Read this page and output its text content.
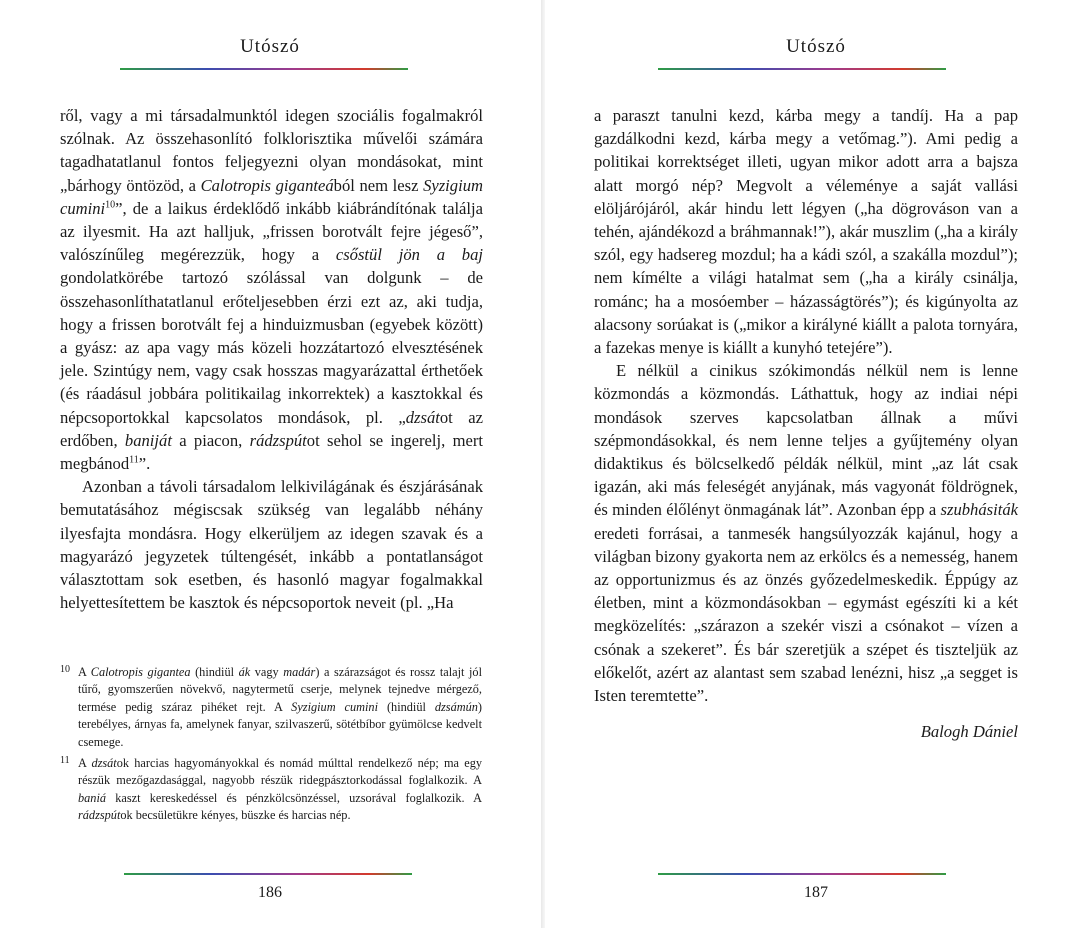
Utószó

ről, vagy a mi társadalmunktól idegen szociális fogalmakról szólnak. Az összehasonlító folklorisztika művelői számára tagadhatatlanul fontos feljegyezni olyan mondásokat, mint „bárhogy öntözöd, a Calotropis giganteából nem lesz Syzigium cumini$^{10}$”, de a laikus érdeklődő inkább kiábrándítónak találja az ilyesmit. Ha azt halljuk, „frissen borotvált fejre jégeső”, valószínűleg megérezzük, hogy a csőstül jön a baj gondolatkörébe tartozó szólással van dolgunk – de összehasonlíthatatlanul erőteljesebben érzi ezt az, aki tudja, hogy a frissen borotvált fej a hinduizmusban (egyebek között) a gyász: az apa vagy más közeli hozzátartozó elvesztésének jele. Szintúgy nem, vagy csak hosszas magyarázattal érthetőek (és ráadásul jobbára politikailag inkorrektek) a kasztokkal és népcsoportokkal kapcsolatos mondások, pl. „dzsátot az erdőben, baniját a piacon, rádzspútot sehol se ingerelj, mert megbánod$^{11}$”.

Azonban a távoli társadalom lelkivilágának és észjárásának bemutatásához mégiscsak szükség van legalább néhány ilyesfajta mondásra. Hogy elkerüljem az idegen szavak és a magyarázó jegyzetek túltengését, inkább a pontatlanságot választottam sok esetben, és hasonló magyar fogalmakkal helyettesítettem be kasztok és népcsoportok neveit (pl. „Ha

10 A Calotropis gigantea (hindiül ák vagy madár) a szárazságot és rossz talajt jól tűrő, gyomszerűen növekvő, nagytermetű cserje, melynek tejnedve mérgező, termése pedig száraz pihéket rejt. A Syzigium cumini (hindiül dzsámún) terebélyes, árnyas fa, amelynek fanyar, szilvaszerű, sötétbíbor gyümölcse kedvelt csemege.
11 A dzsátok harcias hagyományokkal és nomád múlttal rendelkező nép; ma egy részük mezőgazdasággal, nagyobb részük ridegpásztorkodással foglalkozik. A baniá kaszt kereskedéssel és pénzkölcsönzéssel, uzsorával foglalkozik. A rádzspútok becsületükre kényes, büszke és harcias nép.
186
Utószó

a paraszt tanulni kezd, kárba megy a tandíj. Ha a pap gazdálkodni kezd, kárba megy a vetőmag.”). Ami pedig a politikai korrektséget illeti, ugyan mikor adott arra a bajsza alatt morgó nép? Megvolt a véleménye a saját vallási elöljárójáról, akár hindu lett légyen („ha dögrováson van a tehén, ajándékozd a bráhmannak!”), akár muszlim („ha a király szól, egy hadsereg mozdul; ha a kádi szól, a szakálla mozdul”); nem kímélte a világi hatalmat sem („ha a király csinálja, románc; ha a mosóember – házasságtörés”); és kigúnyolta az alacsony sorúakat is („mikor a királyné kiállt a palota tornyára, a fazekas menye is kiállt a kunyhó tetejére”).

E nélkül a cinikus szókimondás nélkül nem is lenne közmondás a közmondás. Láthattuk, hogy az indiai népi mondások szerves kapcsolatban állnak a művi szépmondásokkal, és nem lenne teljes a gyűjtemény olyan didaktikus és bölcselkedő példák nélkül, mint „az lát csak igazán, aki más feleségét anyjának, más vagyonát földrögnek, és minden élőlényt önmagának lát”. Azonban épp a szubhásiták eredeti forrásai, a tanmesék hangsúlyozzák kajánul, hogy a világban bizony gyakorta nem az erkölcs és a nemesség, hanem az opportunizmus és az önzés győzedelmeskedik. Éppúgy az életben, mint a közmondásokban – egymást egészíti ki a két megközelítés: „szárazon a szekér viszi a csónakot – vízen a csónak a szekeret”. És bár szeretjük a szépet és tiszteljük az előkelőt, azért az alantast sem szabad lenézni, hisz „a segget is Isten teremtette”.

Balogh Dániel
187
